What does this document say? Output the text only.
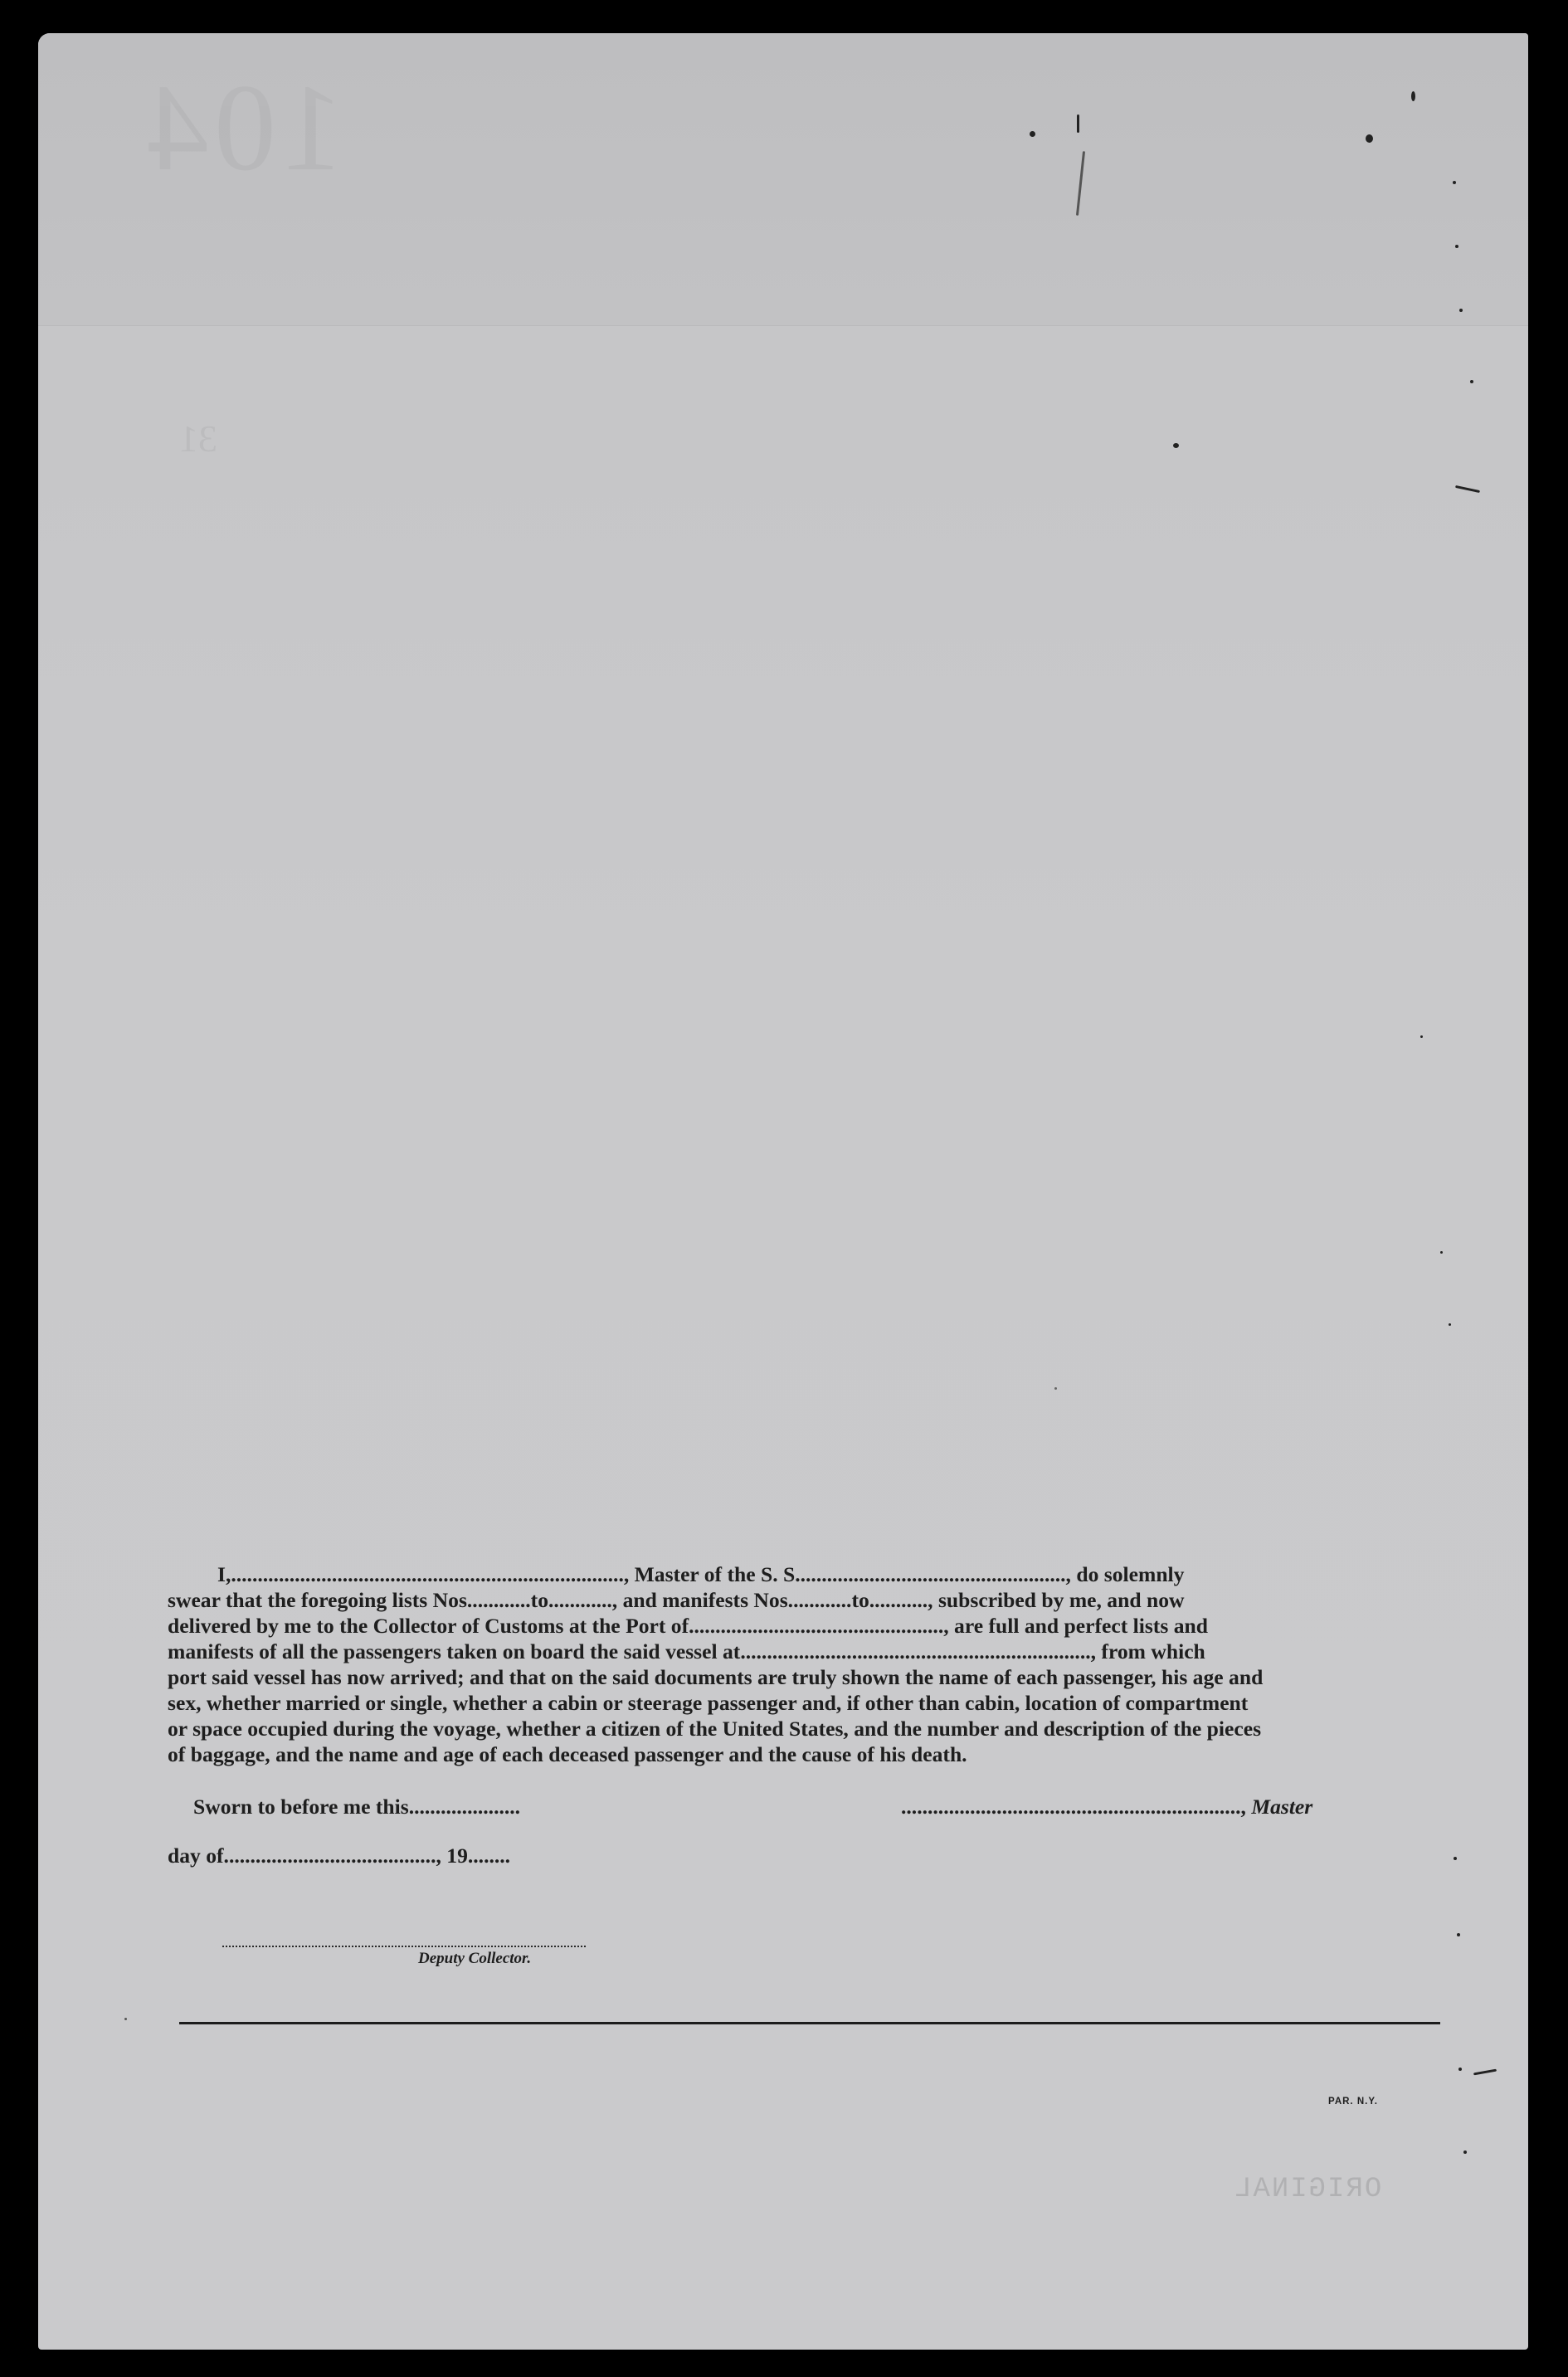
104
31
ORIGINAL
I,.........................................................................., Master of the S. S..................................................., do solemnly
swear that the foregoing lists Nos............to............, and manifests Nos............to..........., subscribed by me, and now
delivered by me to the Collector of Customs at the Port of................................................, are full and perfect lists and
manifests of all the passengers taken on board the said vessel at.................................................................., from which
port said vessel has now arrived; and that on the said documents are truly shown the name of each passenger, his age and
sex, whether married or single, whether a cabin or steerage passenger and, if other than cabin, location of compartment
or space occupied during the voyage, whether a citizen of the United States, and the number and description of the pieces
of baggage, and the name and age of each deceased passenger and the cause of his death.
Sworn to before me this.....................	................................................................, Master
day of........................................, 19........
Deputy Collector.
PAR. N.Y.
